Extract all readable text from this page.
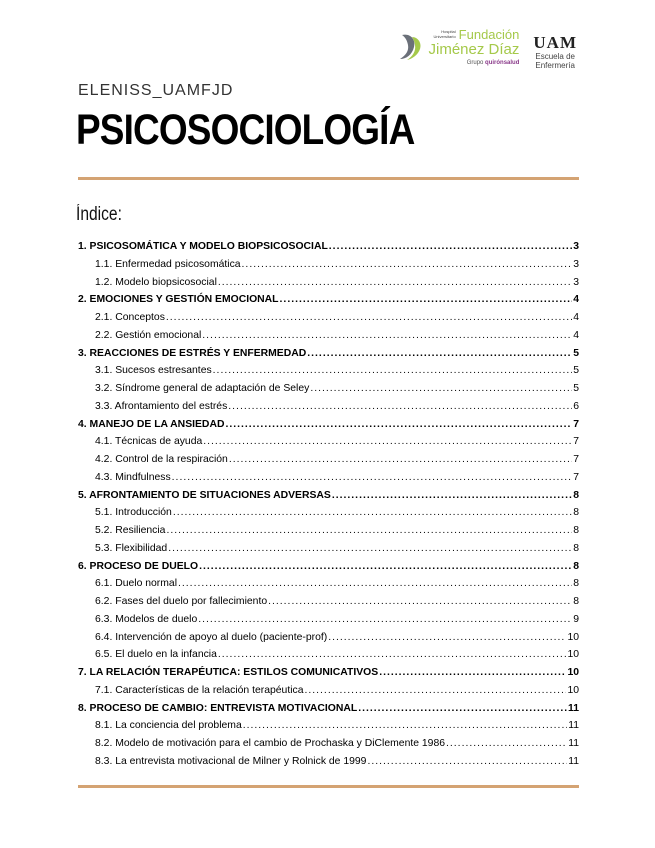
Hospital Universitario Fundación
Jiménez Díaz
Grupo quirónsalud
UAM
Escuela de
Enfermería
ELENISS_UAMFJD
PSICOSOCIOLOGÍA
Índice:
1. PSICOSOMÁTICA Y MODELO BIOPSICOSOCIAL .....	3
1.1. Enfermedad psicosomática .....	3
1.2. Modelo biopsicosocial .....	3
2. EMOCIONES Y GESTIÓN EMOCIONAL .....	4
2.1. Conceptos .....	4
2.2. Gestión emocional .....	4
3. REACCIONES DE ESTRÉS Y ENFERMEDAD .....	5
3.1. Sucesos estresantes .....	5
3.2. Síndrome general de adaptación de Seley .....	5
3.3. Afrontamiento del estrés .....	6
4. MANEJO DE LA ANSIEDAD .....	7
4.1. Técnicas de ayuda .....	7
4.2. Control de la respiración .....	7
4.3. Mindfulness .....	7
5. AFRONTAMIENTO DE SITUACIONES ADVERSAS .....	8
5.1. Introducción .....	8
5.2. Resiliencia .....	8
5.3. Flexibilidad .....	8
6. PROCESO DE DUELO .....	8
6.1. Duelo normal .....	8
6.2. Fases del duelo por fallecimiento .....	8
6.3. Modelos de duelo .....	9
6.4. Intervención de apoyo al duelo (paciente-prof) .....	10
6.5. El duelo en la infancia .....	10
7. LA RELACIÓN TERAPÉUTICA: ESTILOS COMUNICATIVOS .....	10
7.1. Características de la relación terapéutica .....	10
8. PROCESO DE CAMBIO: ENTREVISTA MOTIVACIONAL .....	11
8.1. La conciencia del problema .....	11
8.2. Modelo de motivación para el cambio de Prochaska y DiClemente 1986 .....	11
8.3. La entrevista motivacional de Milner y Rolnick de 1999 .....	11
